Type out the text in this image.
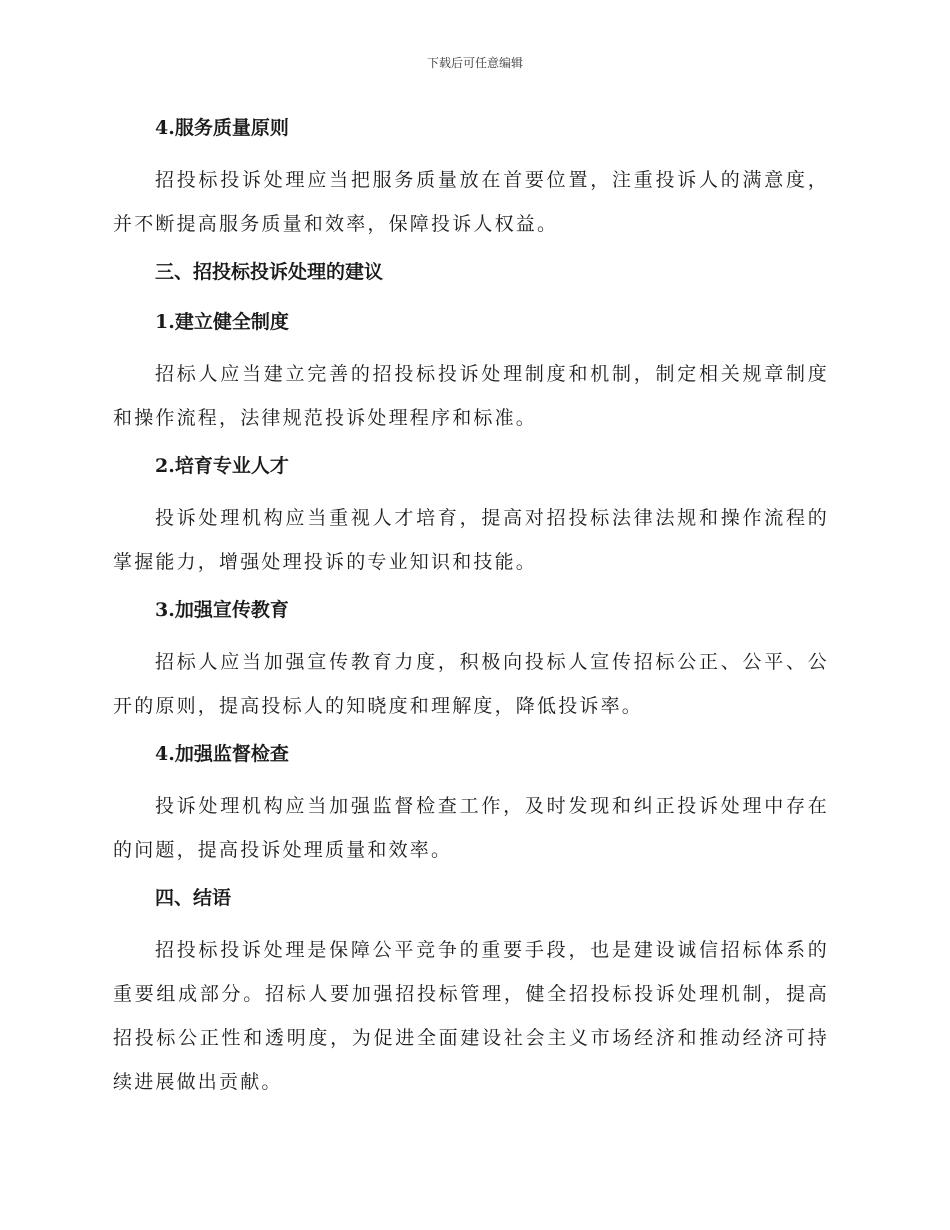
下载后可任意编辑
4.服务质量原则

招投标投诉处理应当把服务质量放在首要位置，注重投诉人的满意度，并不断提高服务质量和效率，保障投诉人权益。

三、招投标投诉处理的建议
1.建立健全制度

招标人应当建立完善的招投标投诉处理制度和机制，制定相关规章制度和操作流程，法律规范投诉处理程序和标准。

2.培育专业人才

投诉处理机构应当重视人才培育，提高对招投标法律法规和操作流程的掌握能力，增强处理投诉的专业知识和技能。

3.加强宣传教育

招标人应当加强宣传教育力度，积极向投标人宣传招标公正、公平、公开的原则，提高投标人的知晓度和理解度，降低投诉率。

4.加强监督检查

投诉处理机构应当加强监督检查工作，及时发现和纠正投诉处理中存在的问题，提高投诉处理质量和效率。

四、结语

招投标投诉处理是保障公平竞争的重要手段，也是建设诚信招标体系的重要组成部分。招标人要加强招投标管理，健全招投标投诉处理机制，提高招投标公正性和透明度，为促进全面建设社会主义市场经济和推动经济可持续进展做出贡献。
